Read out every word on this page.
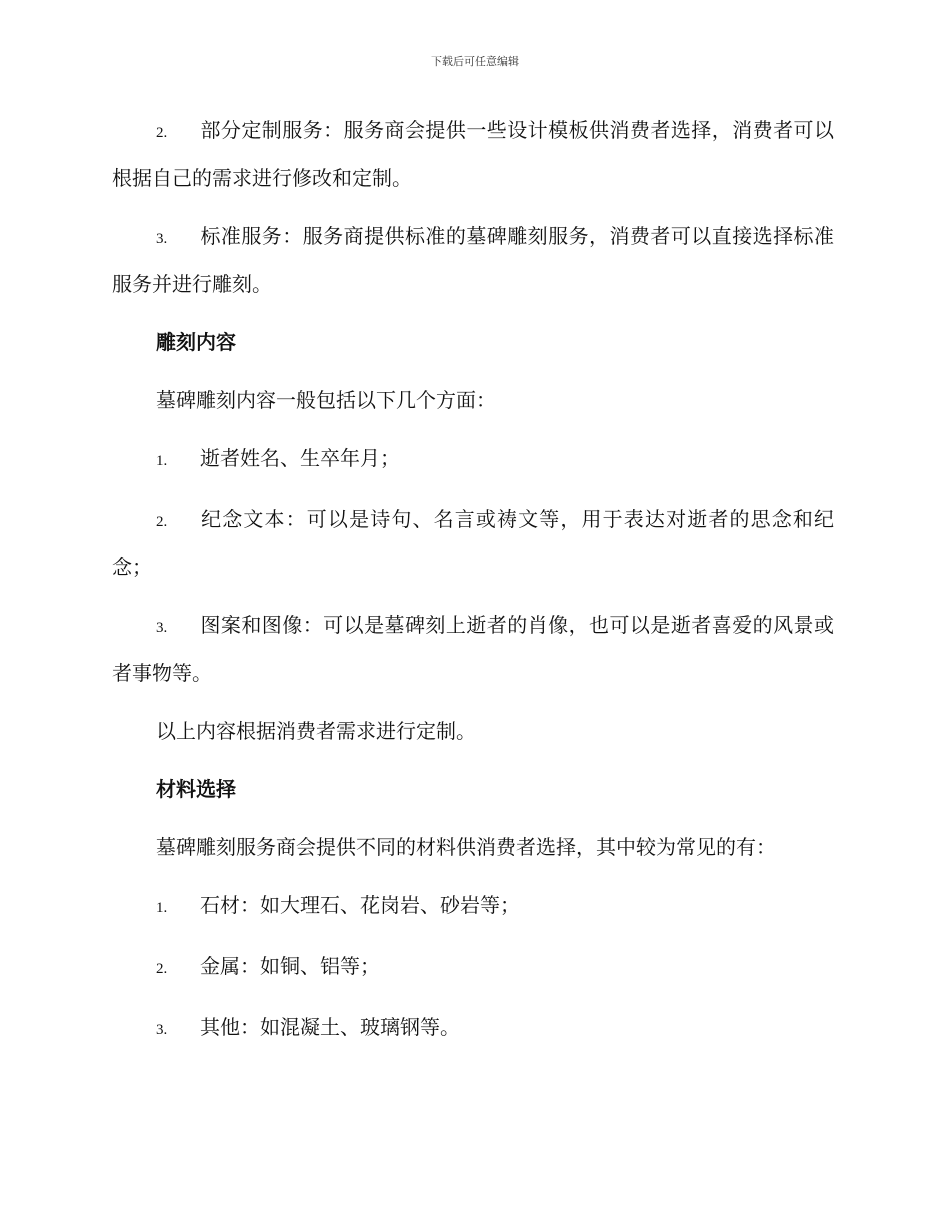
下载后可任意编辑
2. 部分定制服务：服务商会提供一些设计模板供消费者选择，消费者可以根据自己的需求进行修改和定制。
3. 标准服务：服务商提供标准的墓碑雕刻服务，消费者可以直接选择标准服务并进行雕刻。
雕刻内容
墓碑雕刻内容一般包括以下几个方面：
1. 逝者姓名、生卒年月；
2. 纪念文本：可以是诗句、名言或祷文等，用于表达对逝者的思念和纪念；
3. 图案和图像：可以是墓碑刻上逝者的肖像，也可以是逝者喜爱的风景或者事物等。
以上内容根据消费者需求进行定制。
材料选择
墓碑雕刻服务商会提供不同的材料供消费者选择，其中较为常见的有：
1. 石材：如大理石、花岗岩、砂岩等；
2. 金属：如铜、铝等；
3. 其他：如混凝土、玻璃钢等。
